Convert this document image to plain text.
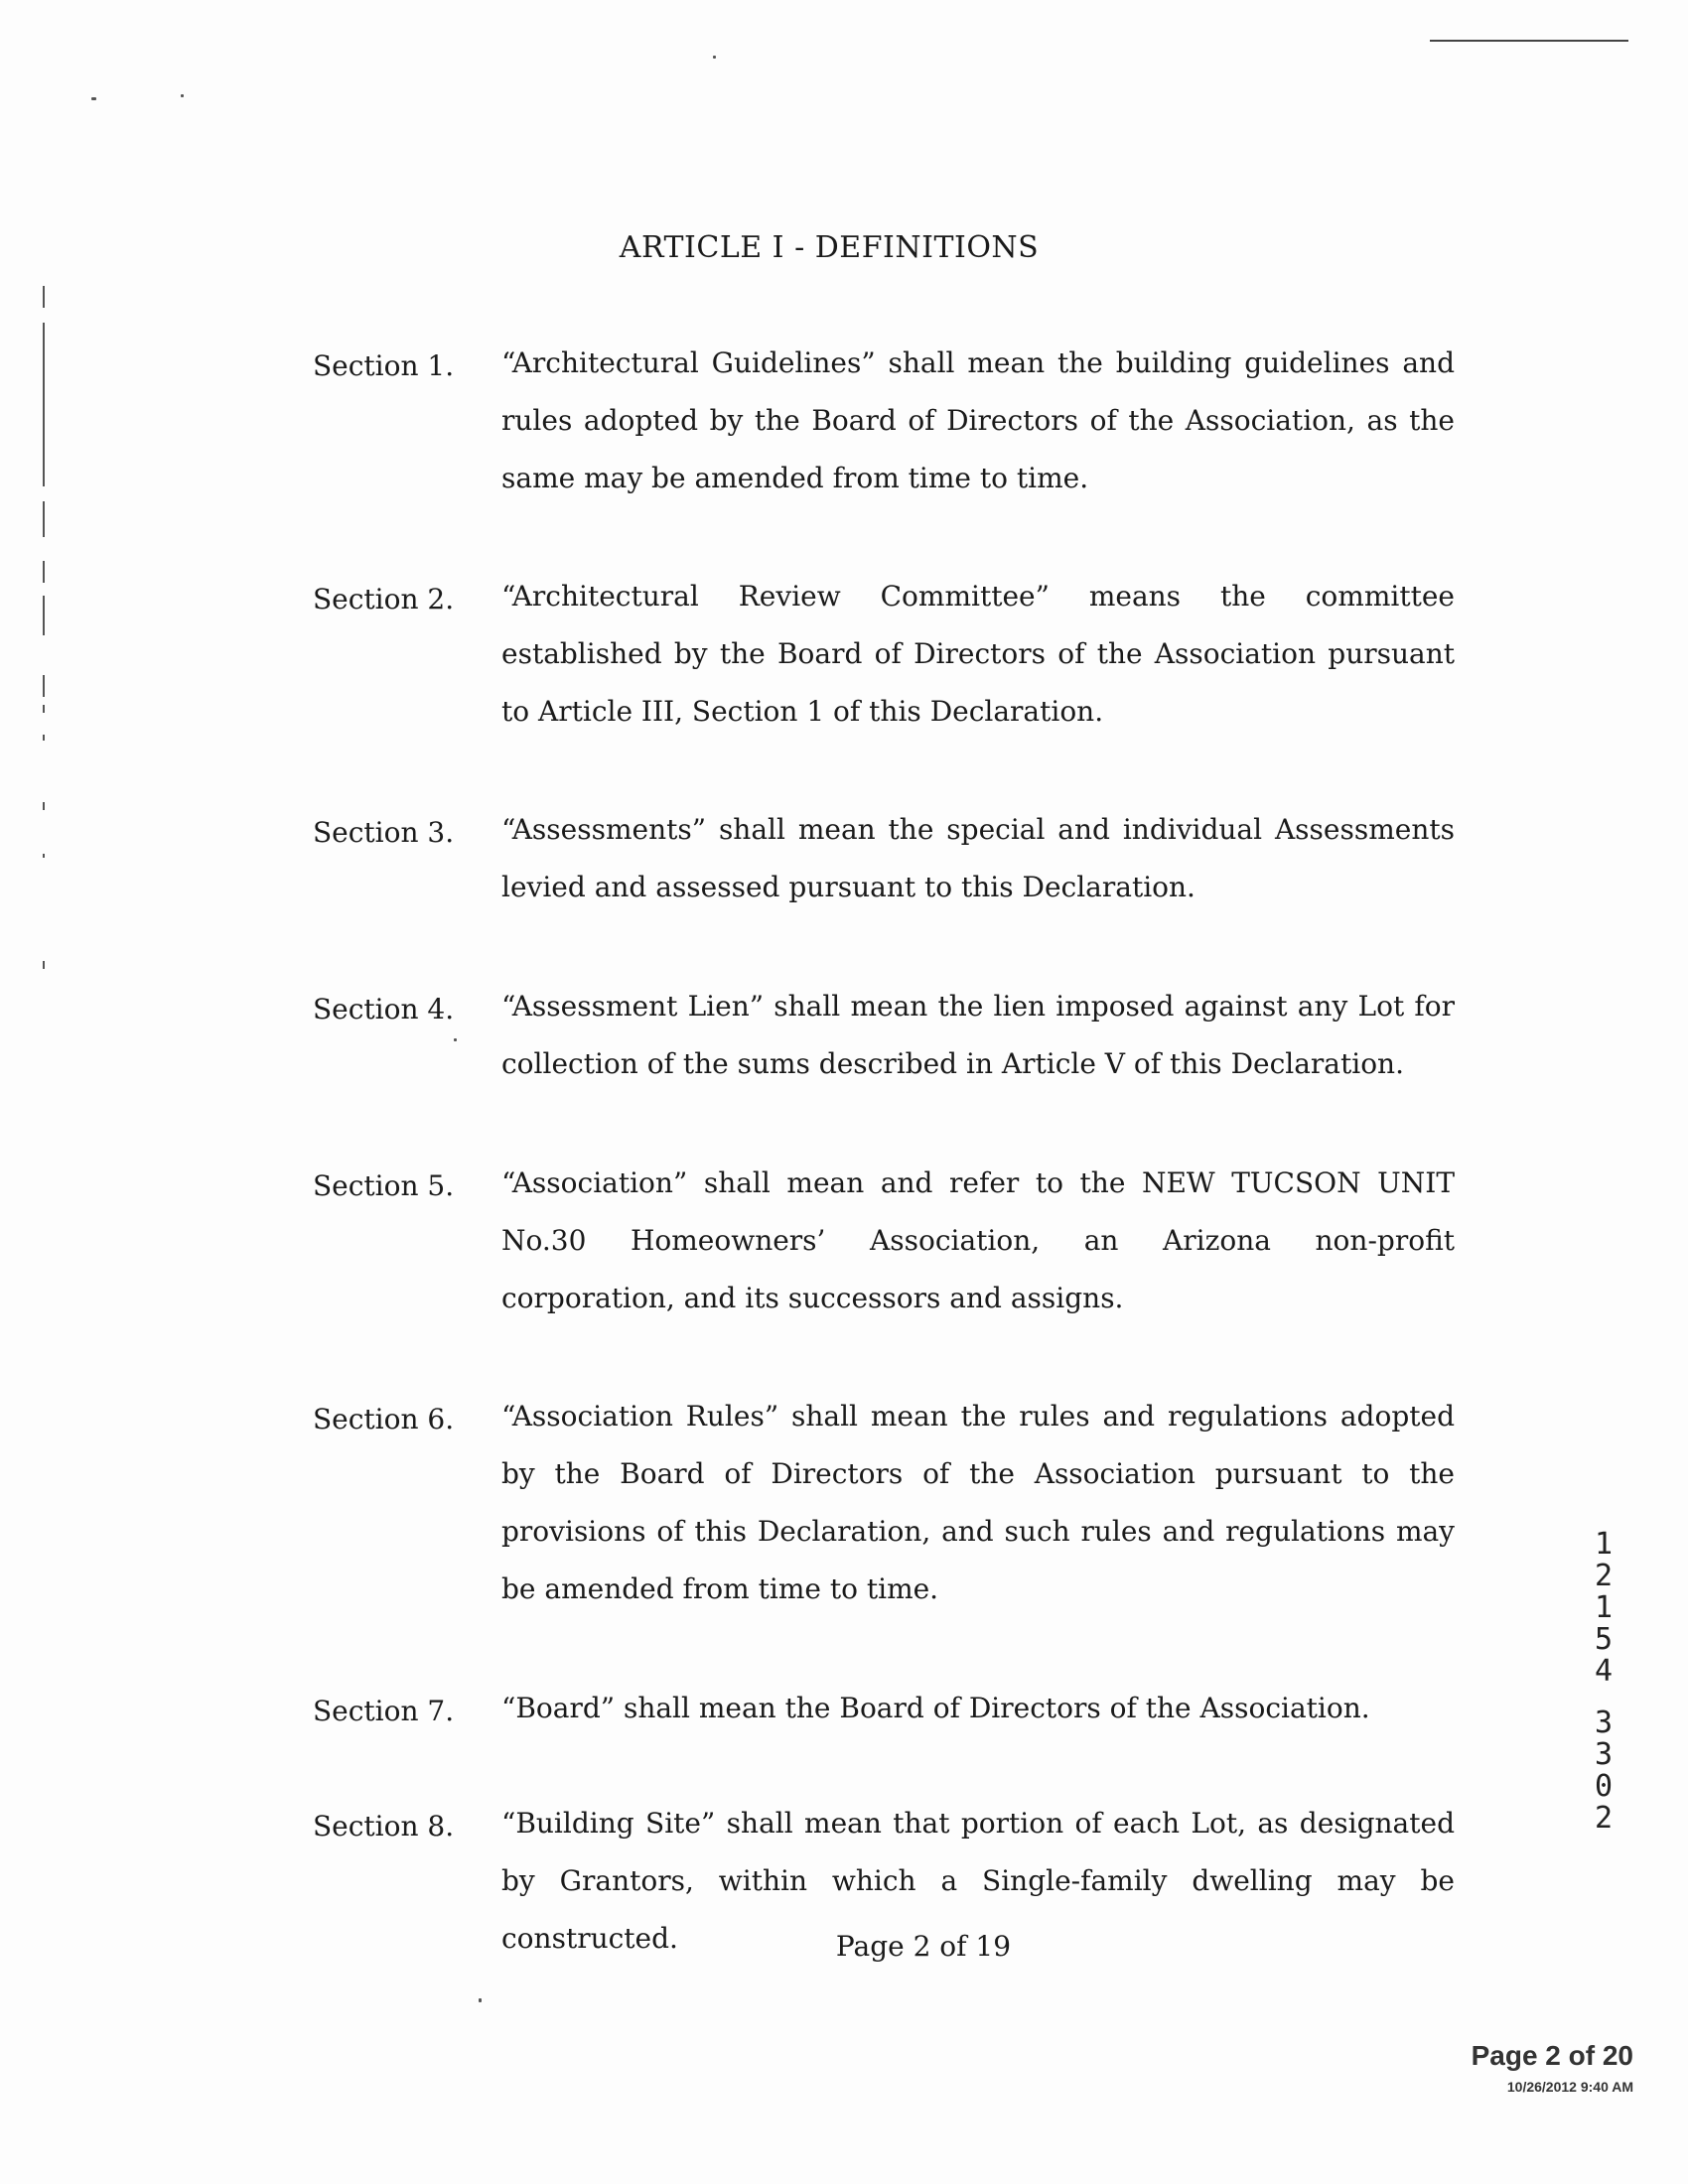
ARTICLE I - DEFINITIONS
Section 1.	“Architectural Guidelines” shall mean the building guidelines and rules adopted by the Board of Directors of the Association, as the same may be amended from time to time.
Section 2.	“Architectural Review Committee” means the committee established by the Board of Directors of the Association pursuant to Article III, Section 1 of this Declaration.
Section 3.	“Assessments” shall mean the special and individual Assessments levied and assessed pursuant to this Declaration.
Section 4.	“Assessment Lien” shall mean the lien imposed against any Lot for collection of the sums described in Article V of this Declaration.
Section 5.	“Association” shall mean and refer to the NEW TUCSON UNIT No.30 Homeowners’ Association, an Arizona non-profit corporation, and its successors and assigns.
Section 6.	“Association Rules” shall mean the rules and regulations adopted by the Board of Directors of the Association pursuant to the provisions of this Declaration, and such rules and regulations may be amended from time to time.
Section 7.	“Board” shall mean the Board of Directors of the Association.
Section 8.	“Building Site” shall mean that portion of each Lot, as designated by Grantors, within which a Single-family dwelling may be constructed.	Page 2 of 19
1
2
1
5
4
3
3
0
2
Page 2 of 20
10/26/2012 9:40 AM
